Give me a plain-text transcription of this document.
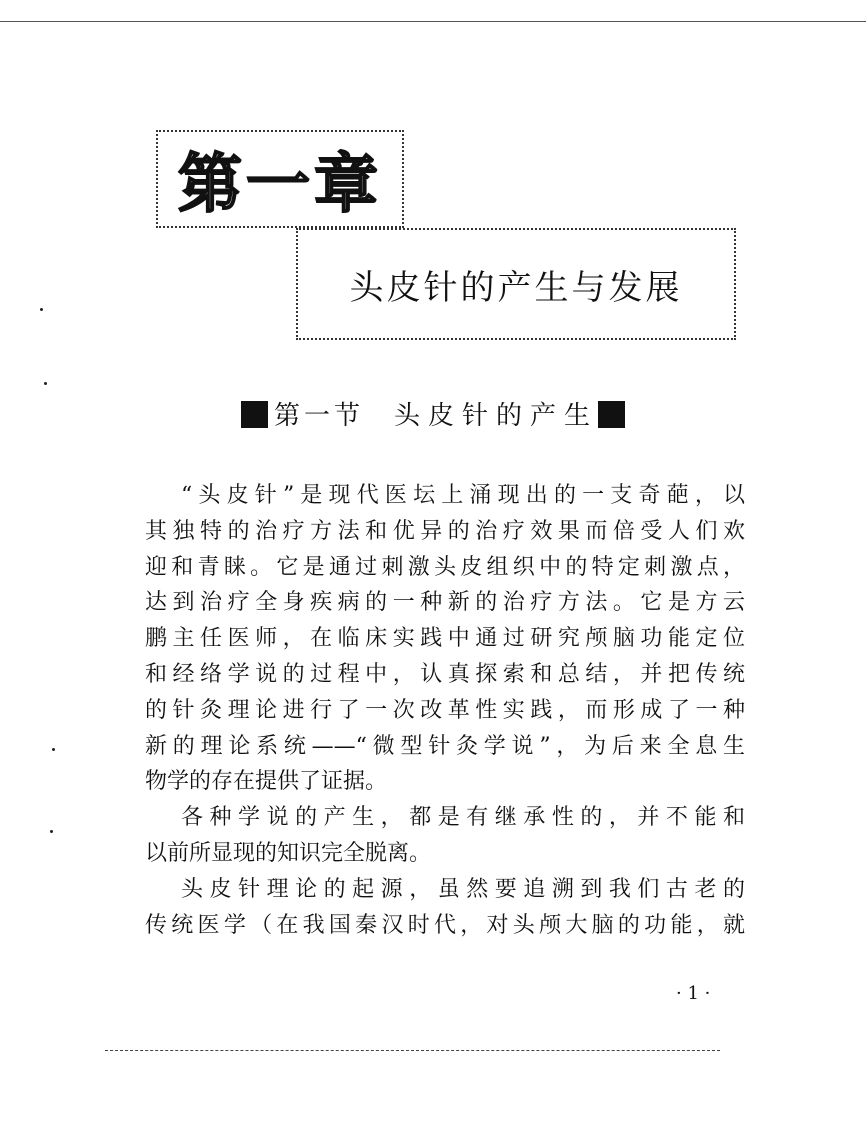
第一章
头皮针的产生与发展
第一节 头皮针的产生
“头皮针”是现代医坛上涌现出的一支奇葩，以
其独特的治疗方法和优异的治疗效果而倍受人们欢
迎和青睐。它是通过刺激头皮组织中的特定刺激点，
达到治疗全身疾病的一种新的治疗方法。它是方云
鹏主任医师，在临床实践中通过研究颅脑功能定位
和经络学说的过程中，认真探索和总结，并把传统
的针灸理论进行了一次改革性实践，而形成了一种
新的理论系统——“微型针灸学说”，为后来全息生
物学的存在提供了证据。
各种学说的产生，都是有继承性的，并不能和
以前所显现的知识完全脱离。
头皮针理论的起源，虽然要追溯到我们古老的
传统医学（在我国秦汉时代，对头颅大脑的功能，就
· 1 ·
